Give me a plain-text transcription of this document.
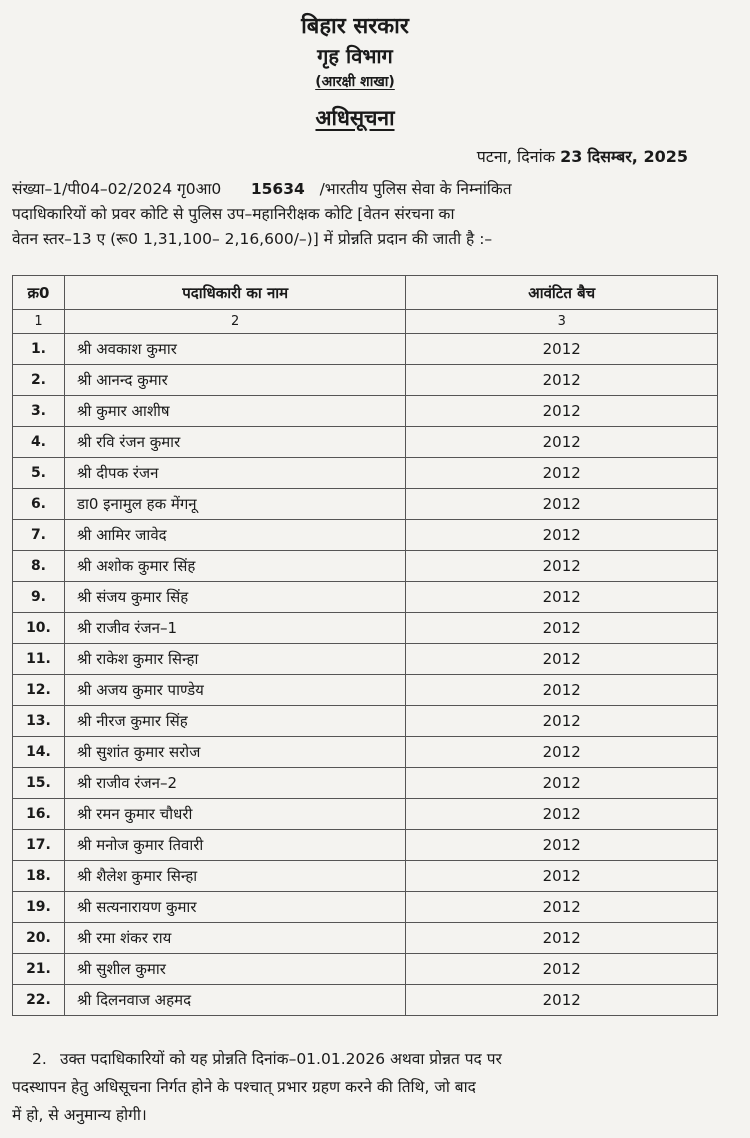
बिहार सरकार
गृह विभाग
(आरक्षी शाखा)
अधिसूचना
पटना, दिनांक 23 दिसम्बर, 2025
संख्या–1/पी04–02/2024 गृ0आ0 15634 /भारतीय पुलिस सेवा के निम्नांकित
पदाधिकारियों को प्रवर कोटि से पुलिस उप–महानिरीक्षक कोटि [वेतन संरचना का
वेतन स्तर–13 ए (रू0 1,31,100– 2,16,600/–)] में प्रोन्नति प्रदान की जाती है :–
क्र0	पदाधिकारी का नाम	आवंटित बैच
1	2	3
1.	श्री अवकाश कुमार	2012
2.	श्री आनन्द कुमार	2012
3.	श्री कुमार आशीष	2012
4.	श्री रवि रंजन कुमार	2012
5.	श्री दीपक रंजन	2012
6.	डा0 इनामुल हक मेंगनू	2012
7.	श्री आमिर जावेद	2012
8.	श्री अशोक कुमार सिंह	2012
9.	श्री संजय कुमार सिंह	2012
10.	श्री राजीव रंजन–1	2012
11.	श्री राकेश कुमार सिन्हा	2012
12.	श्री अजय कुमार पाण्डेय	2012
13.	श्री नीरज कुमार सिंह	2012
14.	श्री सुशांत कुमार सरोज	2012
15.	श्री राजीव रंजन–2	2012
16.	श्री रमन कुमार चौधरी	2012
17.	श्री मनोज कुमार तिवारी	2012
18.	श्री शैलेश कुमार सिन्हा	2012
19.	श्री सत्यनारायण कुमार	2012
20.	श्री रमा शंकर राय	2012
21.	श्री सुशील कुमार	2012
22.	श्री दिलनवाज अहमद	2012
2. उक्त पदाधिकारियों को यह प्रोन्नति दिनांक–01.01.2026 अथवा प्रोन्नत पद पर
पदस्थापन हेतु अधिसूचना निर्गत होने के पश्चात् प्रभार ग्रहण करने की तिथि, जो बाद
में हो, से अनुमान्य होगी।
